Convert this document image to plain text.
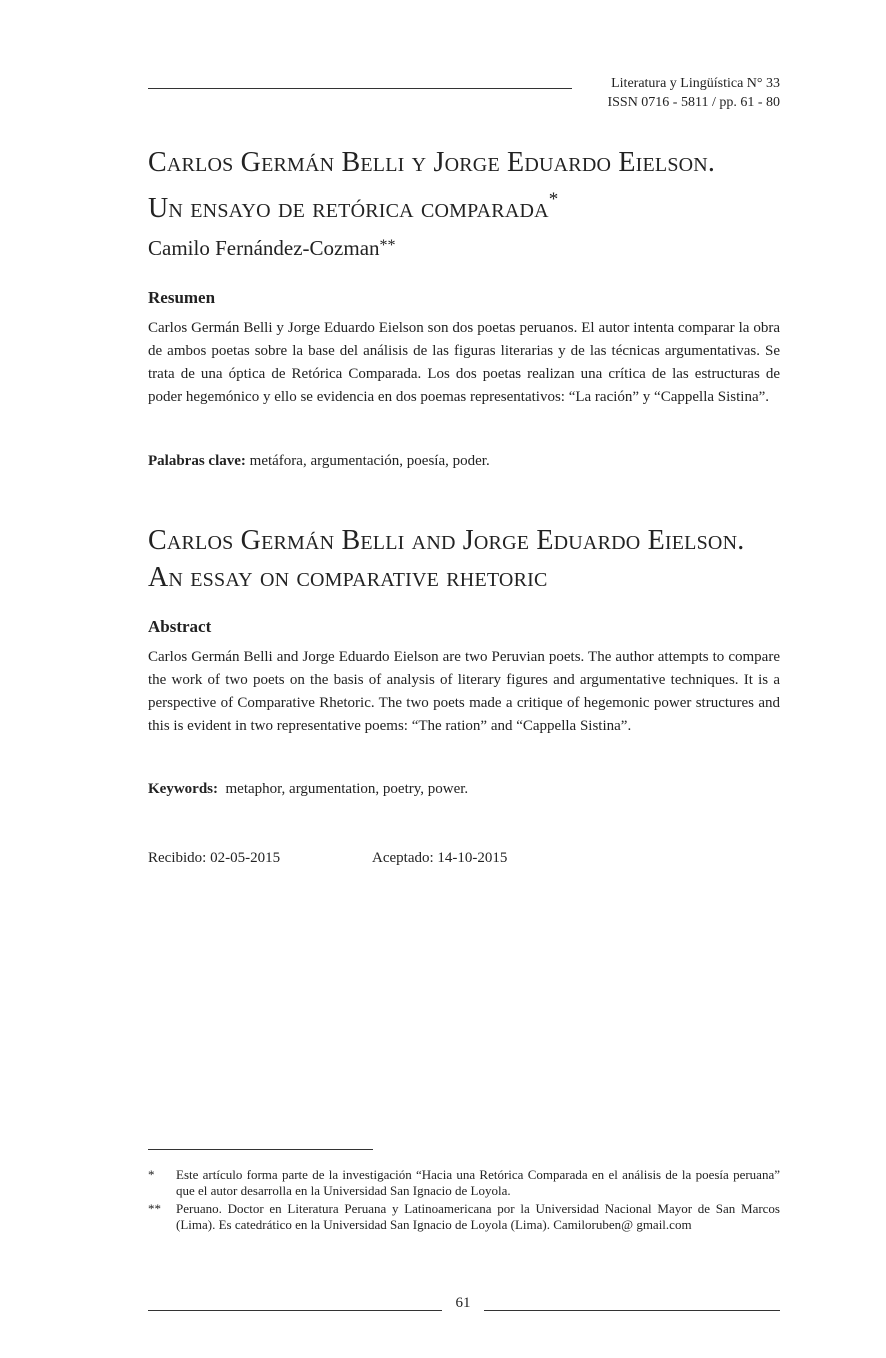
Literatura y Lingüística N° 33
ISSN 0716 - 5811 / pp. 61 - 80
Carlos Germán Belli y Jorge Eduardo Eielson.
Un ensayo de retórica comparada*
Camilo Fernández-Cozman**
Resumen
Carlos Germán Belli y Jorge Eduardo Eielson son dos poetas peruanos. El autor intenta comparar la obra de ambos poetas sobre la base del análisis de las figuras literarias y de las técnicas argumentativas. Se trata de una óptica de Retórica Comparada. Los dos poetas realizan una crítica de las estructuras de poder hegemónico y ello se evidencia en dos poemas representativos: “La ración” y “Cappella Sistina”.
Palabras clave: metáfora, argumentación, poesía, poder.
Carlos Germán Belli and Jorge Eduardo Eielson.
An essay on comparative rhetoric
Abstract
Carlos Germán Belli and Jorge Eduardo Eielson are two Peruvian poets. The author attempts to compare the work of two poets on the basis of analysis of literary figures and argumentative techniques. It is a perspective of Comparative Rhetoric. The two poets made a critique of hegemonic power structures and this is evident in two representative poems: “The ration” and “Cappella Sistina”.
Keywords:  metaphor, argumentation, poetry, power.
Recibido: 02-05-2015	Aceptado: 14-10-2015
* Este artículo forma parte de la investigación “Hacia una Retórica Comparada en el análisis de la poesía peruana” que el autor desarrolla en la Universidad San Ignacio de Loyola.
** Peruano. Doctor en Literatura Peruana y Latinoamericana por la Universidad Nacional Mayor de San Marcos (Lima). Es catedrático en la Universidad San Ignacio de Loyola (Lima). Camiloruben@ gmail.com
61
